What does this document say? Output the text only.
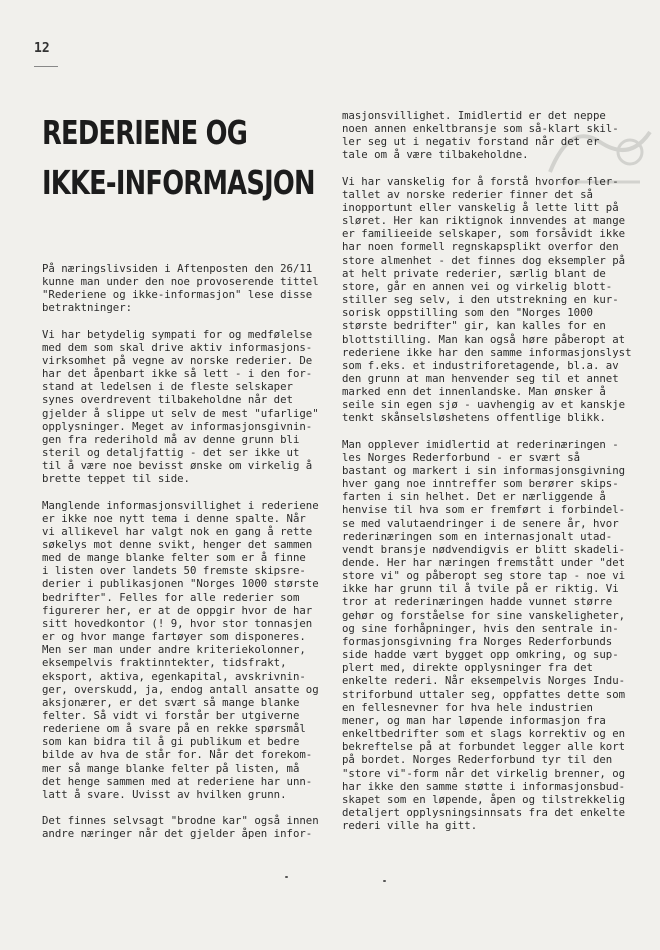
12
REDERIENE OG
IKKE-INFORMASJON

På næringslivsiden i Aftenposten den 26/11
kunne man under den noe provoserende tittel
"Rederiene og ikke-informasjon" lese disse
betraktninger:

Vi har betydelig sympati for og medfølelse
med dem som skal drive aktiv informasjons-
virksomhet på vegne av norske rederier. De
har det åpenbart ikke så lett - i den for-
stand at ledelsen i de fleste selskaper
synes overdrevent tilbakeholdne når det
gjelder å slippe ut selv de mest "ufarlige"
opplysninger. Meget av informasjonsgivnin-
gen fra rederihold må av denne grunn bli
steril og detaljfattig - det ser ikke ut
til å være noe bevisst ønske om virkelig å
brette teppet til side.

Manglende informasjonsvillighet i rederiene
er ikke noe nytt tema i denne spalte. Når
vi allikevel har valgt nok en gang å rette
søkelys mot denne svikt, henger det sammen
med de mange blanke felter som er å finne
i listen over landets 50 fremste skipsre-
derier i publikasjonen "Norges 1000 største
bedrifter". Felles for alle rederier som
figurerer her, er at de oppgir hvor de har
sitt hovedkontor (! 9, hvor stor tonnasjen
er og hvor mange fartøyer som disponeres.
Men ser man under andre kriteriekolonner,
eksempelvis fraktinntekter, tidsfrakt,
eksport, aktiva, egenkapital, avskrivnin-
ger, overskudd, ja, endog antall ansatte og
aksjonærer, er det svært så mange blanke
felter. Så vidt vi forstår ber utgiverne
rederiene om å svare på en rekke spørsmål
som kan bidra til å gi publikum et bedre
bilde av hva de står for. Når det forekom-
mer så mange blanke felter på listen, må
det henge sammen med at rederiene har unn-
latt å svare. Uvisst av hvilken grunn.

Det finnes selvsagt "brodne kar" også innen
andre næringer når det gjelder åpen infor-

masjonsvillighet. Imidlertid er det neppe
noen annen enkeltbransje som så-klart skil-
ler seg ut i negativ forstand når det er
tale om å være tilbakeholdne.

Vi har vanskelig for å forstå hvorfor fler-
tallet av norske rederier finner det så
inopportunt eller vanskelig å lette litt på
sløret. Her kan riktignok innvendes at mange
er familieeide selskaper, som forsåvidt ikke
har noen formell regnskapsplikt overfor den
store almenhet - det finnes dog eksempler på
at helt private rederier, særlig blant de
store, går en annen vei og virkelig blott-
stiller seg selv, i den utstrekning en kur-
sorisk oppstilling som den "Norges 1000
største bedrifter" gir, kan kalles for en
blottstilling. Man kan også høre påberopt at
rederiene ikke har den samme informasjonslyst
som f.eks. et industriforetagende, bl.a. av
den grunn at man henvender seg til et annet
marked enn det innenlandske. Man ønsker å
seile sin egen sjø - uavhengig av et kanskje
tenkt skånselsløshetens offentlige blikk.

Man opplever imidlertid at rederinæringen -
les Norges Rederforbund - er svært så
bastant og markert i sin informasjonsgivning
hver gang noe inntreffer som berører skips-
farten i sin helhet. Det er nærliggende å
henvise til hva som er fremført i forbindel-
se med valutaendringer i de senere år, hvor
rederinæringen som en internasjonalt utad-
vendt bransje nødvendigvis er blitt skadeli-
dende. Her har næringen fremstått under "det
store vi" og påberopt seg store tap - noe vi
ikke har grunn til å tvile på er riktig. Vi
tror at rederinæringen hadde vunnet større
gehør og forståelse for sine vanskeligheter,
og sine forhåpninger, hvis den sentrale in-
formasjonsgivning fra Norges Rederforbunds
side hadde vært bygget opp omkring, og sup-
plert med, direkte opplysninger fra det
enkelte rederi. Når eksempelvis Norges Indu-
striforbund uttaler seg, oppfattes dette som
en fellesnevner for hva hele industrien
mener, og man har løpende informasjon fra
enkeltbedrifter som et slags korrektiv og en
bekreftelse på at forbundet legger alle kort
på bordet. Norges Rederforbund tyr til den
"store vi"-form når det virkelig brenner, og
har ikke den samme støtte i informasjonsbud-
skapet som en løpende, åpen og tilstrekkelig
detaljert opplysningsinnsats fra det enkelte
rederi ville ha gitt.
